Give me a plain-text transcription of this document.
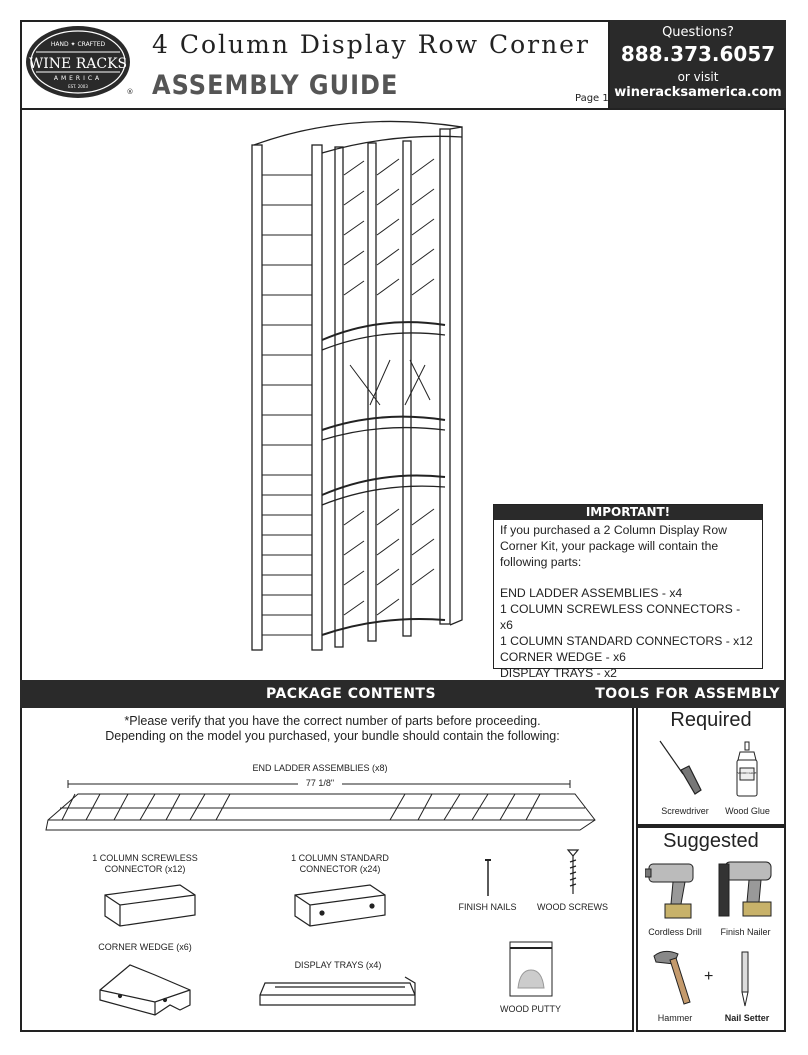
HAND ✦ CRAFTED
WINE RACKS
AMERICA
EST. 2003
®
4 Column Display Row Corner
ASSEMBLY GUIDE	Page 1
Questions?
888.373.6057
or visit
wineracksamerica.com
IMPORTANT!
If you purchased a 2 Column Display Row Corner Kit, your package will contain the following parts:
END LADDER ASSEMBLIES - x4
1 COLUMN SCREWLESS CONNECTORS - x6
1 COLUMN STANDARD CONNECTORS - x12
CORNER WEDGE - x6
DISPLAY TRAYS - x2
PACKAGE CONTENTS	TOOLS FOR ASSEMBLY
*Please verify that you have the correct number of parts before proceeding.
Depending on the model you purchased, your bundle should contain the following:
END LADDER ASSEMBLIES (x8)
77 1/8"
1 COLUMN SCREWLESS
CONNECTOR (x12)
1 COLUMN STANDARD
CONNECTOR (x24)
FINISH NAILS	WOOD SCREWS
CORNER WEDGE (x6)
DISPLAY TRAYS (x4)
WOOD PUTTY
Required
Screwdriver
WOOD GLUE
Wood Glue
Suggested
Cordless Drill	Finish Nailer
Hammer
+
Nail Setter
